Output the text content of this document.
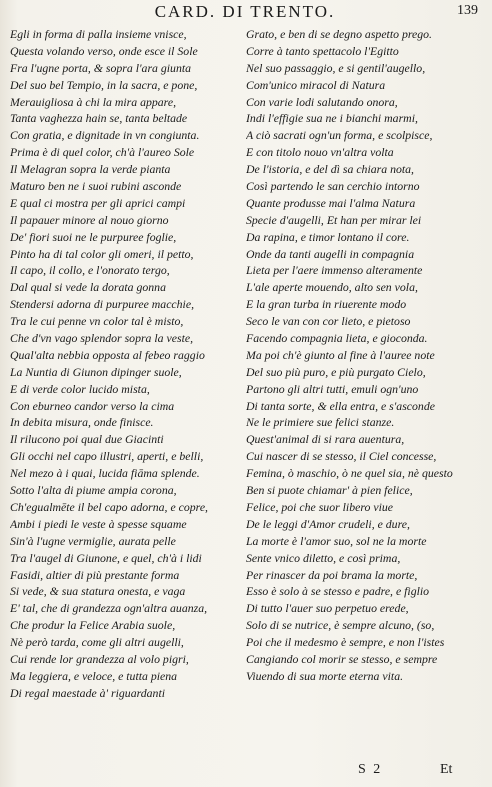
CARD. DI TRENTO.	139
Egli in forma di palla insieme vnisce,
Questa volando verso, onde esce il Sole
Fra l'ugne porta, & sopra l'ara giunta
Del suo bel Tempio, in la sacra, e pone,
Merauigliosa à chi la mira appare,
Tanta vaghezza hain se, tanta beltade
Con gratia, e dignitade in vn congiunta.
Prima è di quel color, ch'à l'aureo Sole
Il Melagran sopra la verde pianta
Maturo ben ne i suoi rubini asconde
E qual ci mostra per gli aprici campi
Il papauer minore al nouo giorno
De' fiori suoi ne le purpuree foglie,
Pinto ha di tal color gli omeri, il petto,
Il capo, il collo, e l'onorato tergo,
Dal qual si vede la dorata gonna
Stendersi adorna di purpuree macchie,
Tra le cui penne vn color tal è misto,
Che d'vn vago splendor sopra la veste,
Qual'alta nebbia opposta al febeo raggio
La Nuntia di Giunon dipinger suole,
E di verde color lucido mista,
Con eburneo candor verso la cima
In debita misura, onde finisce.
Il rilucono poi qual due Giacinti
Gli occhi nel capo illustri, aperti, e belli,
Nel mezo à i quai, lucida fiāma splende.
Sotto l'alta di piume ampia corona,
Ch'egualmēte il bel capo adorna, e copre,
Ambi i piedi le veste à spesse squame
Sin'à l'ugne vermiglie, aurata pelle
Tra l'augel di Giunone, e quel, ch'à i lidi
Fasidi, altier di più prestante forma
Si vede, & sua statura onesta, e vaga
E' tal, che di grandezza ogn'altra auanza,
Che produr la Felice Arabia suole,
Nè però tarda, come gli altri augelli,
Cui rende lor grandezza al volo pigri,
Ma leggiera, e veloce, e tutta piena
Di regal maestade à' riguardanti
Grato, e ben di se degno aspetto prego.
Corre à tanto spettacolo l'Egitto
Nel suo passaggio, e si gentil'augello,
Com'unico miracol di Natura
Con varie lodi salutando onora,
Indi l'effigie sua ne i bianchi marmi,
A ciò sacrati ogn'un forma, e scolpisce,
E con titolo nouo vn'altra volta
De l'istoria, e del dì sa chiara nota,
Così partendo le san cerchio intorno
Quante produsse mai l'alma Natura
Specie d'augelli, Et han per mirar lei
Da rapina, e timor lontano il core.
Onde da tanti augelli in compagnia
Lieta per l'aere immenso alteramente
L'ale aperte mouendo, alto sen vola,
E la gran turba in riuerente modo
Seco le van con cor lieto, e pietoso
Facendo compagnia lieta, e gioconda.
Ma poi ch'è giunto al fine à l'auree note
Del suo più puro, e più purgato Cielo,
Partono gli altri tutti, emuli ogn'uno
Di tanta sorte, & ella entra, e s'asconde
Ne le primiere sue felici stanze.
Quest'animal di si rara auentura,
Cui nascer di se stesso, il Ciel concesse,
Femina, ò maschio, ò ne quel sia, nè questo
Ben si puote chiamar' à pien felice,
Felice, poi che suor libero viue
De le leggi d'Amor crudeli, e dure,
La morte è l'amor suo, sol ne la morte
Sente vnico diletto, e così prima,
Per rinascer da poi brama la morte,
Esso è solo à se stesso e padre, e figlio
Di tutto l'auer suo perpetuo erede,
Solo di se nutrice, è sempre alcuno, (so,
Poi che il medesmo è sempre, e non l'istes
Cangiando col morir se stesso, e sempre
Viuendo di sua morte eterna vita.
S 2	Et
